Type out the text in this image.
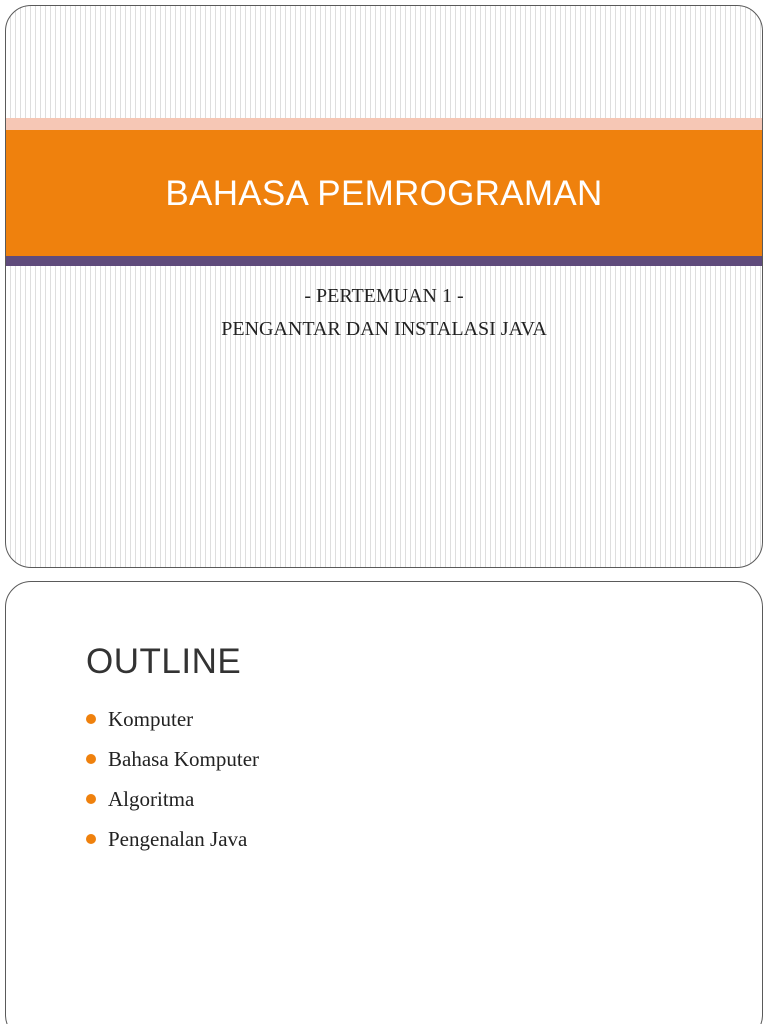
BAHASA PEMROGRAMAN
- PERTEMUAN 1 -
PENGANTAR DAN INSTALASI JAVA
OUTLINE
Komputer
Bahasa Komputer
Algoritma
Pengenalan Java
